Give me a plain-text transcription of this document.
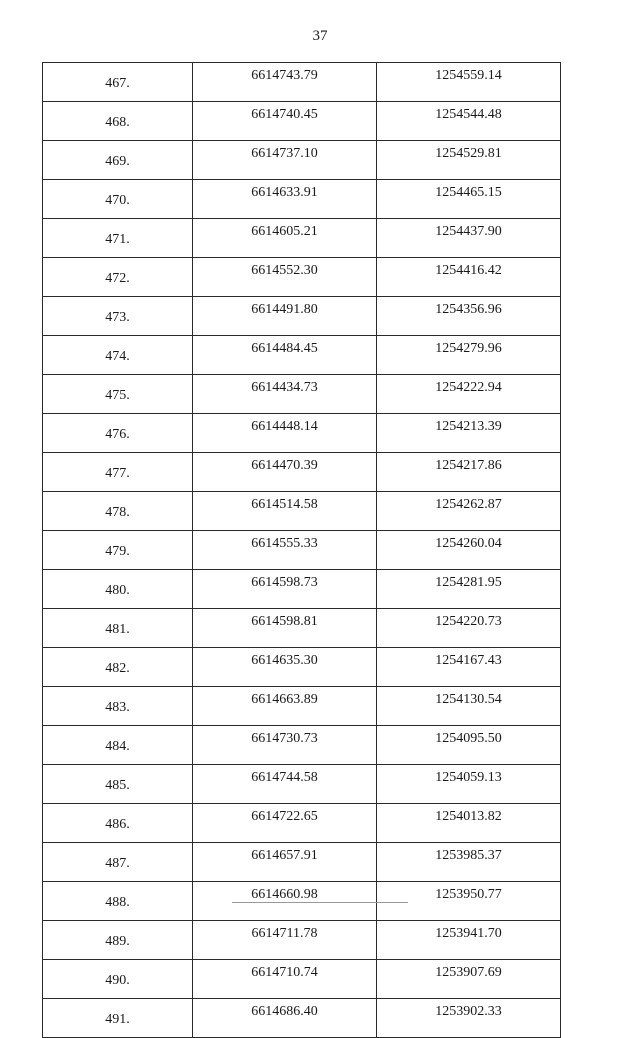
37
467.	6614743.79	1254559.14
468.	6614740.45	1254544.48
469.	6614737.10	1254529.81
470.	6614633.91	1254465.15
471.	6614605.21	1254437.90
472.	6614552.30	1254416.42
473.	6614491.80	1254356.96
474.	6614484.45	1254279.96
475.	6614434.73	1254222.94
476.	6614448.14	1254213.39
477.	6614470.39	1254217.86
478.	6614514.58	1254262.87
479.	6614555.33	1254260.04
480.	6614598.73	1254281.95
481.	6614598.81	1254220.73
482.	6614635.30	1254167.43
483.	6614663.89	1254130.54
484.	6614730.73	1254095.50
485.	6614744.58	1254059.13
486.	6614722.65	1254013.82
487.	6614657.91	1253985.37
488.	6614660.98	1253950.77
489.	6614711.78	1253941.70
490.	6614710.74	1253907.69
491.	6614686.40	1253902.33
